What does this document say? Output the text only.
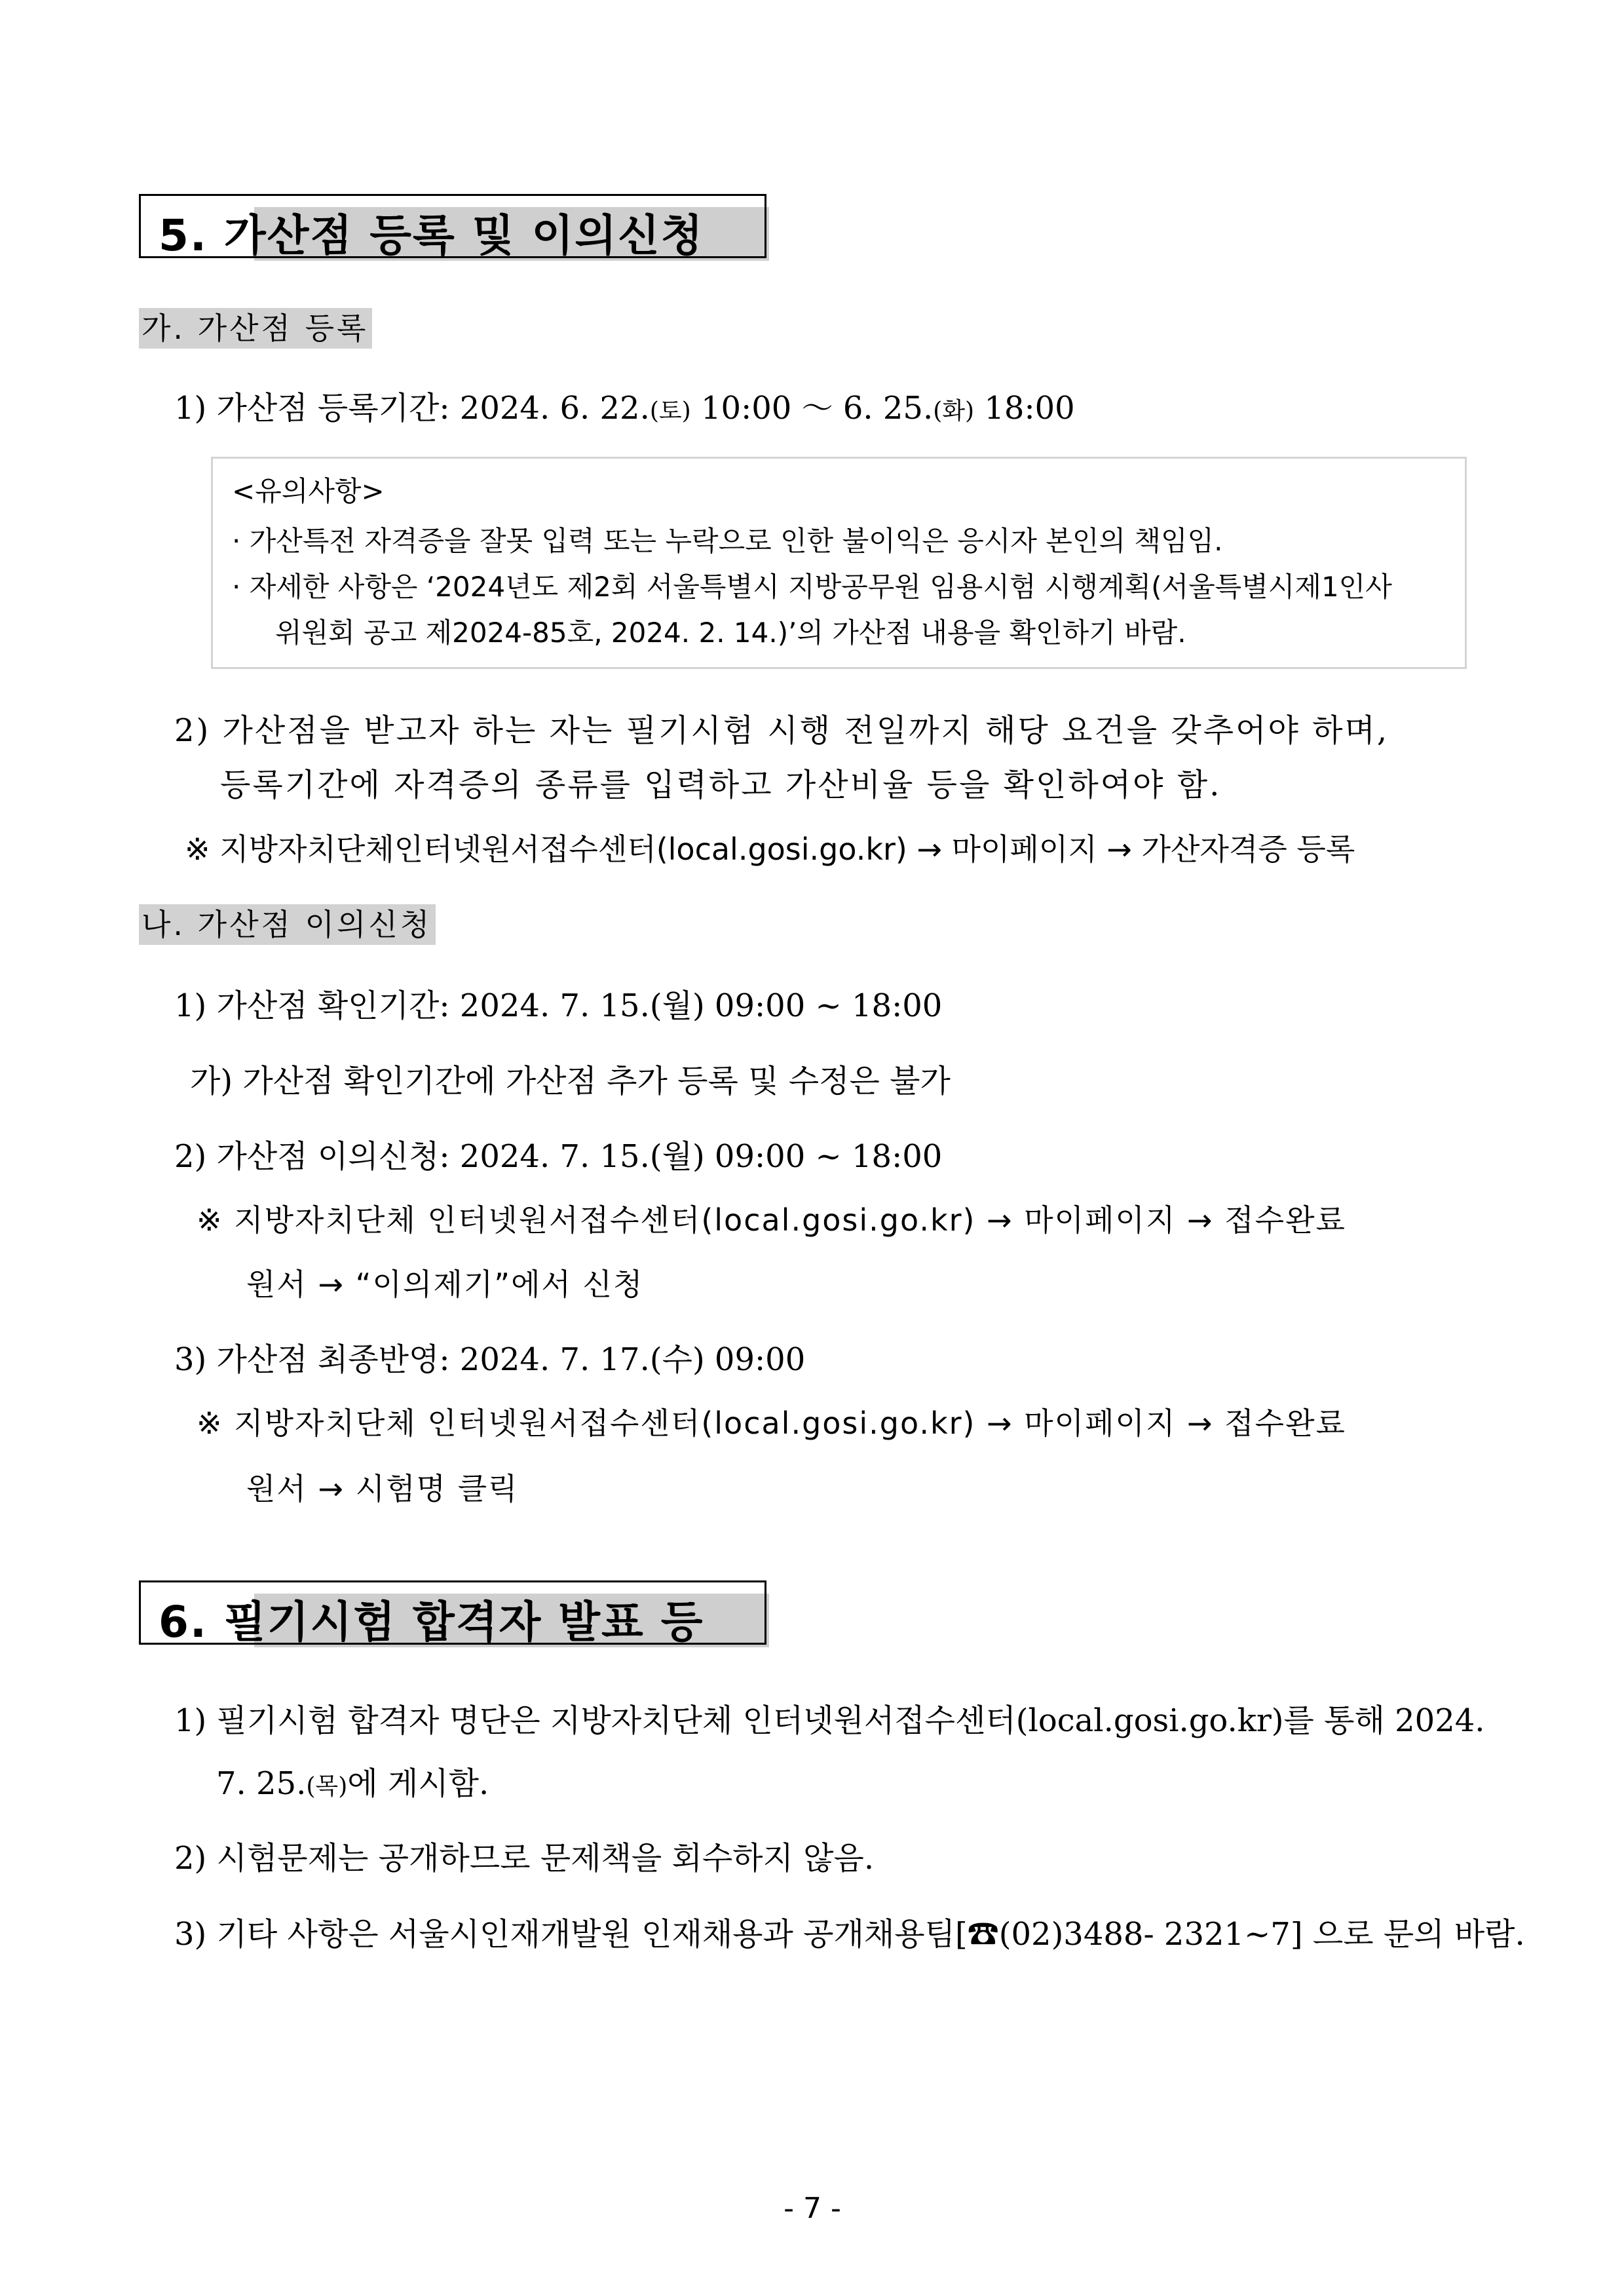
5. 가산점 등록 및 이의신청
가. 가산점 등록
1) 가산점 등록기간: 2024. 6. 22.(토) 10:00 ～ 6. 25.(화) 18:00
<유의사항>
· 가산특전 자격증을 잘못 입력 또는 누락으로 인한 불이익은 응시자 본인의 책임임.
· 자세한 사항은 ‘2024년도 제2회 서울특별시 지방공무원 임용시험 시행계획(서울특별시제1인사
위원회 공고 제2024-85호, 2024. 2. 14.)’의 가산점 내용을 확인하기 바람.
2) 가산점을 받고자 하는 자는 필기시험 시행 전일까지 해당 요건을 갖추어야 하며,
등록기간에 자격증의 종류를 입력하고 가산비율 등을 확인하여야 함.
※ 지방자치단체인터넷원서접수센터(local.gosi.go.kr) → 마이페이지 → 가산자격증 등록
나. 가산점 이의신청
1) 가산점 확인기간: 2024. 7. 15.(월) 09:00 ~ 18:00
가) 가산점 확인기간에 가산점 추가 등록 및 수정은 불가
2) 가산점 이의신청: 2024. 7. 15.(월) 09:00 ~ 18:00
※ 지방자치단체 인터넷원서접수센터(local.gosi.go.kr) → 마이페이지 → 접수완료
원서 → “이의제기”에서 신청
3) 가산점 최종반영: 2024. 7. 17.(수) 09:00
※ 지방자치단체 인터넷원서접수센터(local.gosi.go.kr) → 마이페이지 → 접수완료
원서 → 시험명 클릭
6. 필기시험 합격자 발표 등
1) 필기시험 합격자 명단은 지방자치단체 인터넷원서접수센터(local.gosi.go.kr)를 통해 2024.
7. 25.(목)에 게시함.
2) 시험문제는 공개하므로 문제책을 회수하지 않음.
3) 기타 사항은 서울시인재개발원 인재채용과 공개채용팀[☎(02)3488- 2321~7] 으로 문의 바람.
- 7 -
